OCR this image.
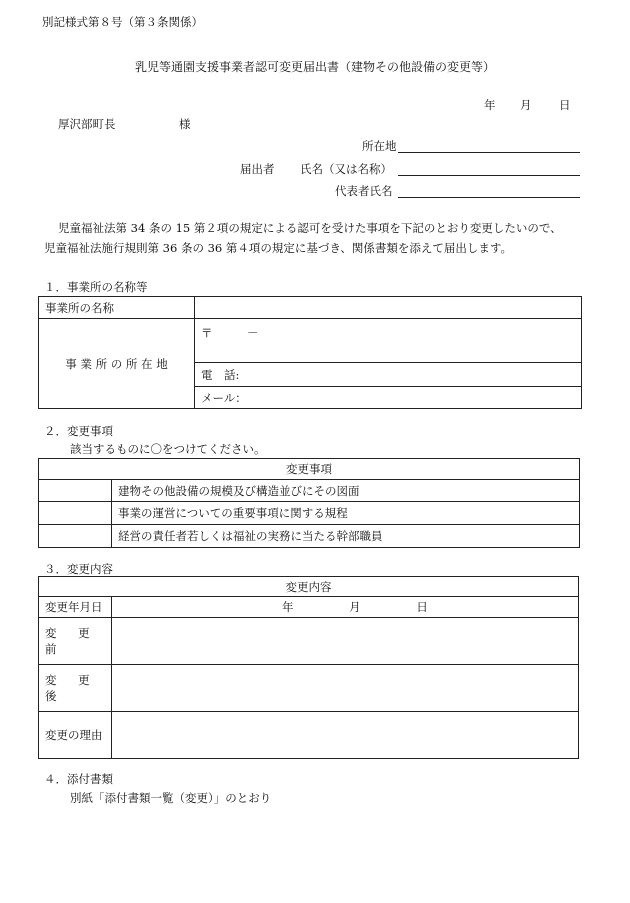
別記様式第８号（第３条関係）
乳児等通園支援事業者認可変更届出書（建物その他設備の変更等）
年 月 日
厚沢部町長	様
所在地
届出者 氏名（又は名称）
代表者氏名
児童福祉法第 34 条の 15 第２項の規定による認可を受けた事項を下記のとおり変更したいので、
児童福祉法施行規則第 36 条の 36 第４項の規定に基づき、関係書類を添えて届出します。
１．事業所の名称等
事業所の名称	
事 業 所 の 所 在 地	〒　　　－
	電　話:
	メール：
２．変更事項
該当するものに〇をつけてください。
変更事項	
	建物その他設備の規模及び構造並びにその図面
	事業の運営についての重要事項に関する規程
	経営の責任者若しくは福祉の実務に当たる幹部職員
３．変更内容
変更内容	
変更年月日	年 月 日
変 更 前	
変 更 後	
変更の理由	
４．添付書類
別紙「添付書類一覧（変更）」のとおり
